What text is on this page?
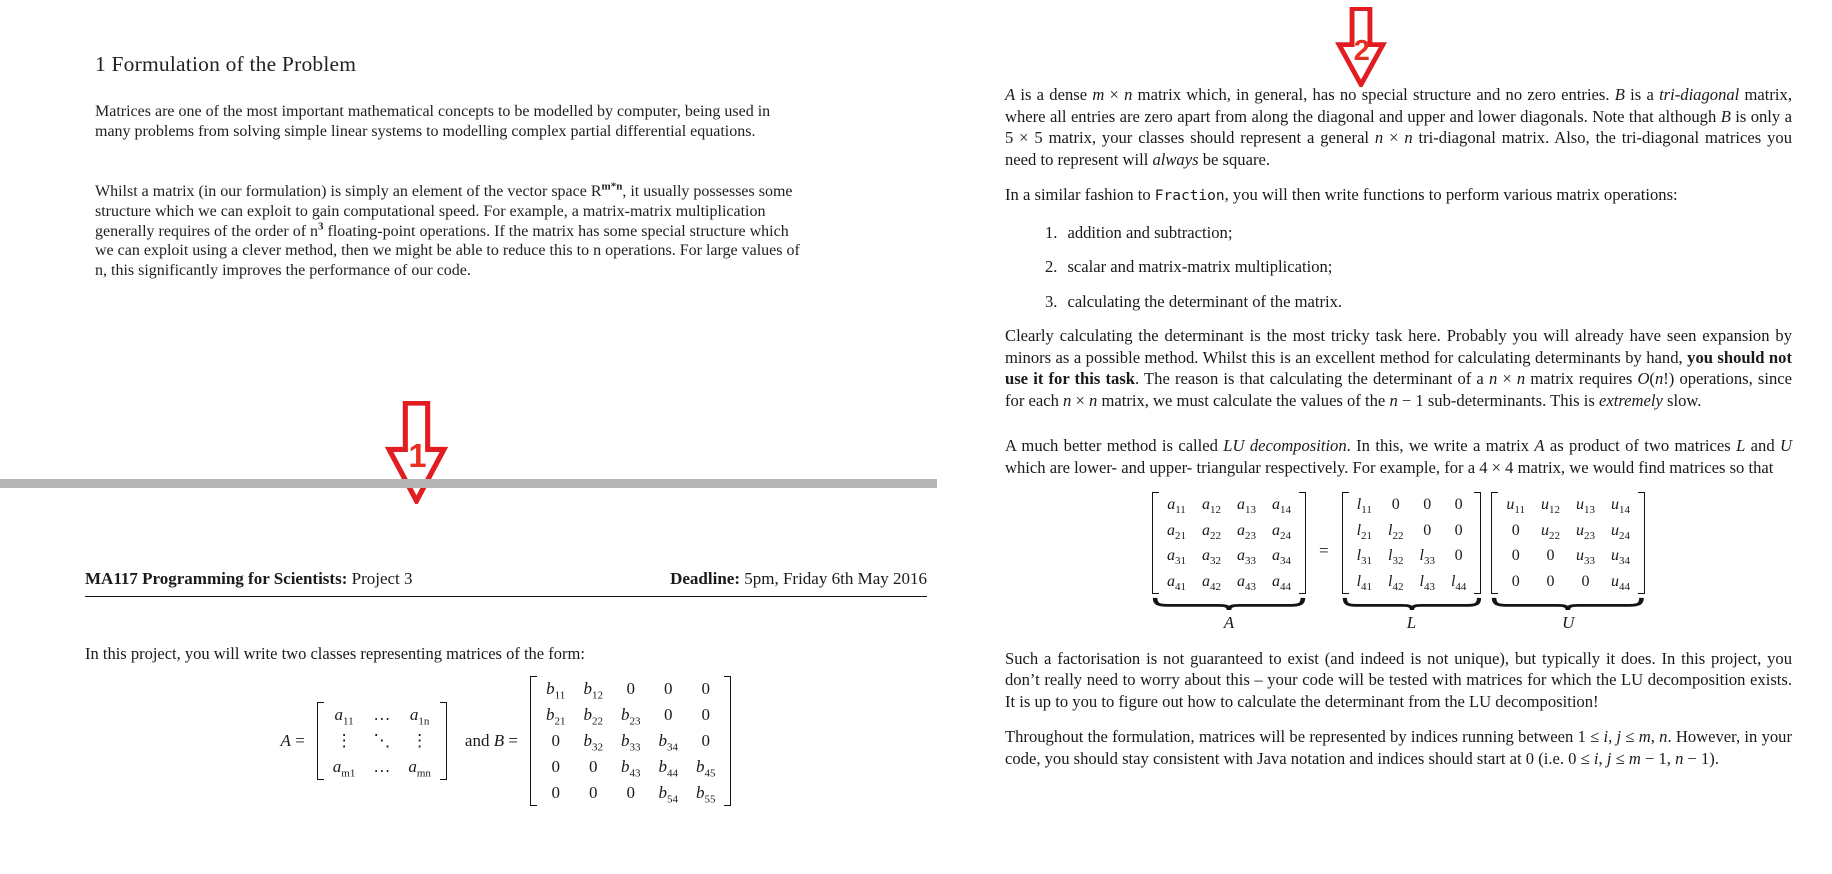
1 Formulation of the Problem

Matrices are one of the most important mathematical concepts to be modelled by computer, being used in many problems from solving simple linear systems to modelling complex partial differential equations.

Whilst a matrix (in our formulation) is simply an element of the vector space $R^{m*n}$, it usually possesses some structure which we can exploit to gain computational speed. For example, a matrix-matrix multiplication generally requires of the order of $n^3$ floating-point operations. If the matrix has some special structure which we can exploit using a clever method, then we might be able to reduce this to n operations. For large values of n, this significantly improves the performance of our code.

1
MA117 Programming for Scientists: Project 3	Deadline: 5pm, Friday 6th May 2016

In this project, you will write two classes representing matrices of the form:

A =
$a_{11}$	…	$a_{1n}$
⋮	⋱	⋮
$a_{m1}$	…	$a_{mn}$
and B =
$b_{11}$	$b_{12}$	0	0	0
$b_{21}$	$b_{22}$	$b_{23}$	0	0
0	$b_{32}$	$b_{33}$	$b_{34}$	0
0	0	$b_{43}$	$b_{44}$	$b_{45}$
0	0	0	$b_{54}$	$b_{55}$
2

A is a dense m × n matrix which, in general, has no special structure and no zero entries. B is a tri-diagonal matrix, where all entries are zero apart from along the diagonal and upper and lower diagonals. Note that although B is only a 5 × 5 matrix, your classes should represent a general n × n tri-diagonal matrix. Also, the tri-diagonal matrices you need to represent will always be square.

In a similar fashion to Fraction, you will then write functions to perform various matrix operations:

1. addition and subtraction;
2. scalar and matrix-matrix multiplication;
3. calculating the determinant of the matrix.

Clearly calculating the determinant is the most tricky task here. Probably you will already have seen expansion by minors as a possible method. Whilst this is an excellent method for calculating determinants by hand, you should not use it for this task. The reason is that calculating the determinant of a n × n matrix requires O(n!) operations, since for each n × n matrix, we must calculate the values of the n − 1 sub-determinants. This is extremely slow.

A much better method is called LU decomposition. In this, we write a matrix A as product of two matrices L and U which are lower- and upper- triangular respectively. For example, for a 4 × 4 matrix, we would find matrices so that

$a_{11}$	$a_{12}$	$a_{13}$	$a_{14}$
$a_{21}$	$a_{22}$	$a_{23}$	$a_{24}$
$a_{31}$	$a_{32}$	$a_{33}$	$a_{34}$
$a_{41}$	$a_{42}$	$a_{43}$	$a_{44}$
A
=
$l_{11}$	0	0	0
$l_{21}$	$l_{22}$	0	0
$l_{31}$	$l_{32}$	$l_{33}$	0
$l_{41}$	$l_{42}$	$l_{43}$	$l_{44}$
L
$u_{11}$	$u_{12}$	$u_{13}$	$u_{14}$
0	$u_{22}$	$u_{23}$	$u_{24}$
0	0	$u_{33}$	$u_{34}$
0	0	0	$u_{44}$
U

Such a factorisation is not guaranteed to exist (and indeed is not unique), but typically it does. In this project, you don’t really need to worry about this – your code will be tested with matrices for which the LU decomposition exists. It is up to you to figure out how to calculate the determinant from the LU decomposition!

Throughout the formulation, matrices will be represented by indices running between 1 ≤ i, j ≤ m, n. However, in your code, you should stay consistent with Java notation and indices should start at 0 (i.e. 0 ≤ i, j ≤ m − 1, n − 1).
